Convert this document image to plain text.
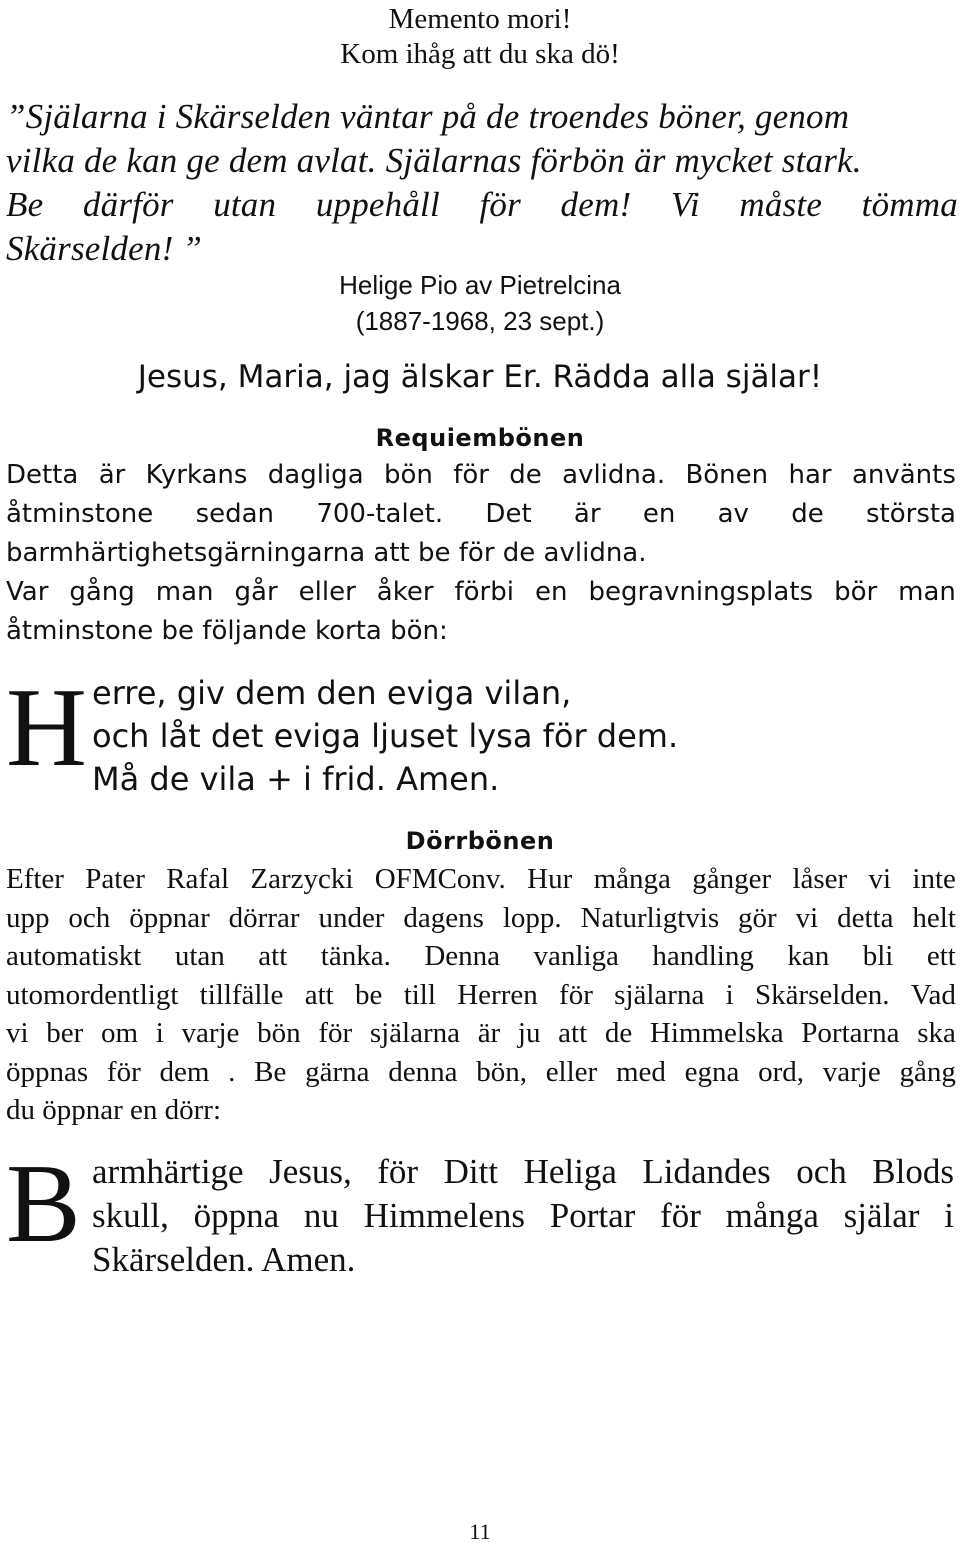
Memento mori!
Kom ihåg att du ska dö!
”Själarna i Skärselden väntar på de troendes böner, genom
vilka de kan ge dem avlat. Själarnas förbön är mycket stark.
Be därför utan uppehåll för dem! Vi måste tömma
Skärselden! ”
Helige Pio av Pietrelcina
(1887-1968, 23 sept.)
Jesus, Maria, jag älskar Er. Rädda alla själar!
Requiembönen
Detta är Kyrkans dagliga bön för de avlidna. Bönen har använts
åtminstone sedan 700-talet. Det är en av de största
barmhärtighetsgärningarna att be för de avlidna.
Var gång man går eller åker förbi en begravningsplats bör man
åtminstone be följande korta bön:
H erre, giv dem den eviga vilan,
och låt det eviga ljuset lysa för dem.
Må de vila + i frid. Amen.
Dörrbönen
Efter Pater Rafal Zarzycki OFMConv. Hur många gånger låser vi inte
upp och öppnar dörrar under dagens lopp. Naturligtvis gör vi detta helt
automatiskt utan att tänka. Denna vanliga handling kan bli ett
utomordentligt tillfälle att be till Herren för själarna i Skärselden. Vad
vi ber om i varje bön för själarna är ju att de Himmelska Portarna ska
öppnas för dem . Be gärna denna bön, eller med egna ord, varje gång
du öppnar en dörr:
B armhärtige Jesus, för Ditt Heliga Lidandes och Blods
skull, öppna nu Himmelens Portar för många själar i
Skärselden. Amen.
11
